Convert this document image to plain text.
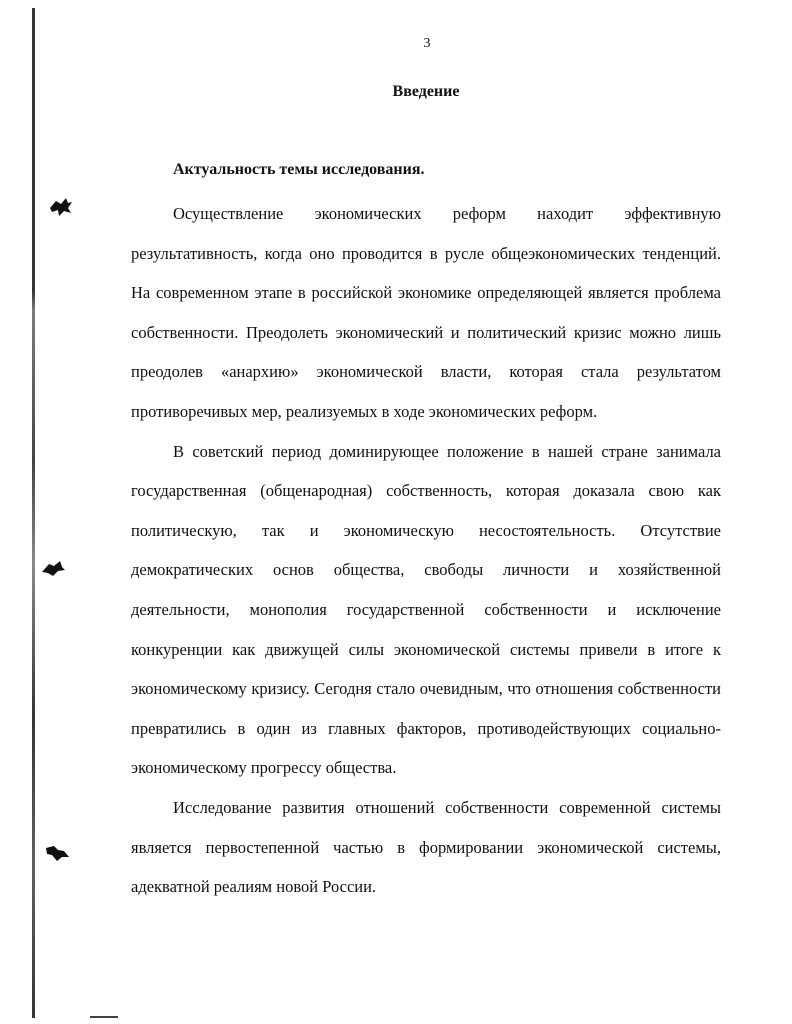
3
Введение
Актуальность темы исследования.

Осуществление экономических реформ находит эффективную результативность, когда оно проводится в русле общеэкономических тенденций. На современном этапе в российской экономике определяющей является проблема собственности. Преодолеть экономический и политический кризис можно лишь преодолев «анархию» экономической власти, которая стала результатом противоречивых мер, реализуемых в ходе экономических реформ.

В советский период доминирующее положение в нашей стране занимала государственная (общенародная) собственность, которая доказала свою как политическую, так и экономическую несостоятельность. Отсутствие демократических основ общества, свободы личности и хозяйственной деятельности, монополия государственной собственности и исключение конкуренции как движущей силы экономической системы привели в итоге к экономическому кризису. Сегодня стало очевидным, что отношения собственности превратились в один из главных факторов, противодействующих социально-экономическому прогрессу общества.

Исследование развития отношений собственности современной системы является первостепенной частью в формировании экономической системы, адекватной реалиям новой России.
